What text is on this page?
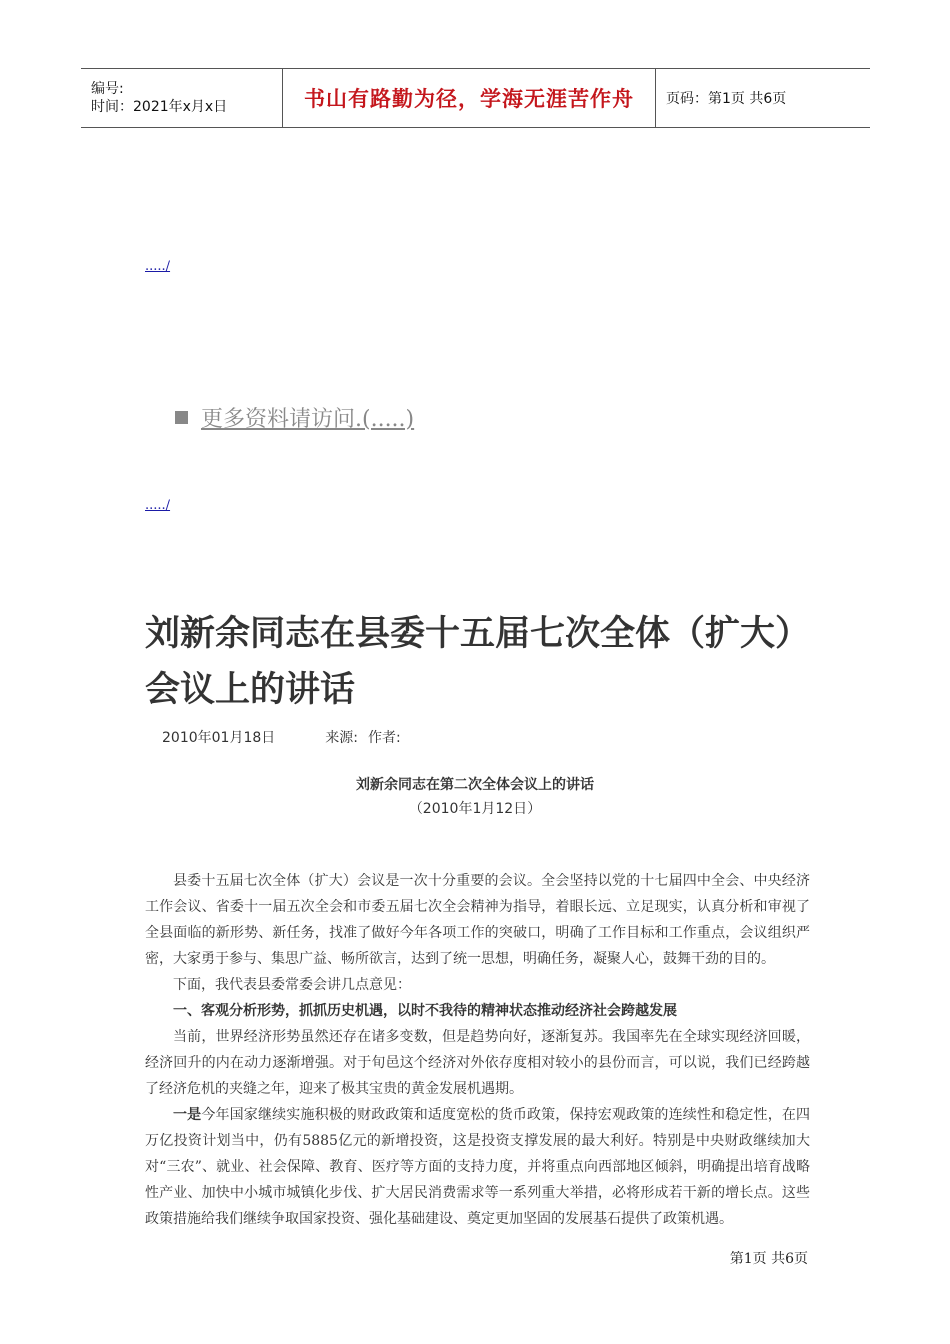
编号:
时间：2021年x月x日	书山有路勤为径，学海无涯苦作舟 页码：第1页 共6页
...../
更多资料请访问.(.....)
...../
刘新余同志在县委十五届七次全体（扩大）会议上的讲话
2010年01月18日	来源: 作者:
刘新余同志在第二次全体会议上的讲话
（2010年1月12日）

县委十五届七次全体（扩大）会议是一次十分重要的会议。全会坚持以党的十七届四中全会、中央经济工作会议、省委十一届五次全会和市委五届七次全会精神为指导，着眼长远、立足现实，认真分析和审视了全县面临的新形势、新任务，找准了做好今年各项工作的突破口，明确了工作目标和工作重点，会议组织严密，大家勇于参与、集思广益、畅所欲言，达到了统一思想，明确任务，凝聚人心，鼓舞干劲的目的。

下面，我代表县委常委会讲几点意见：

一、客观分析形势，抓抓历史机遇，以时不我待的精神状态推动经济社会跨越发展

当前，世界经济形势虽然还存在诸多变数，但是趋势向好，逐渐复苏。我国率先在全球实现经济回暖，经济回升的内在动力逐渐增强。对于旬邑这个经济对外依存度相对较小的县份而言，可以说，我们已经跨越了经济危机的夹缝之年，迎来了极其宝贵的黄金发展机遇期。

一是今年国家继续实施积极的财政政策和适度宽松的货币政策，保持宏观政策的连续性和稳定性，在四万亿投资计划当中，仍有5885亿元的新增投资，这是投资支撑发展的最大利好。特别是中央财政继续加大对“三农”、就业、社会保障、教育、医疗等方面的支持力度，并将重点向西部地区倾斜，明确提出培育战略性产业、加快中小城市城镇化步伐、扩大居民消费需求等一系列重大举措，必将形成若干新的增长点。这些政策措施给我们继续争取国家投资、强化基础建设、奠定更加坚固的发展基石提供了政策机遇。

第1页 共6页
